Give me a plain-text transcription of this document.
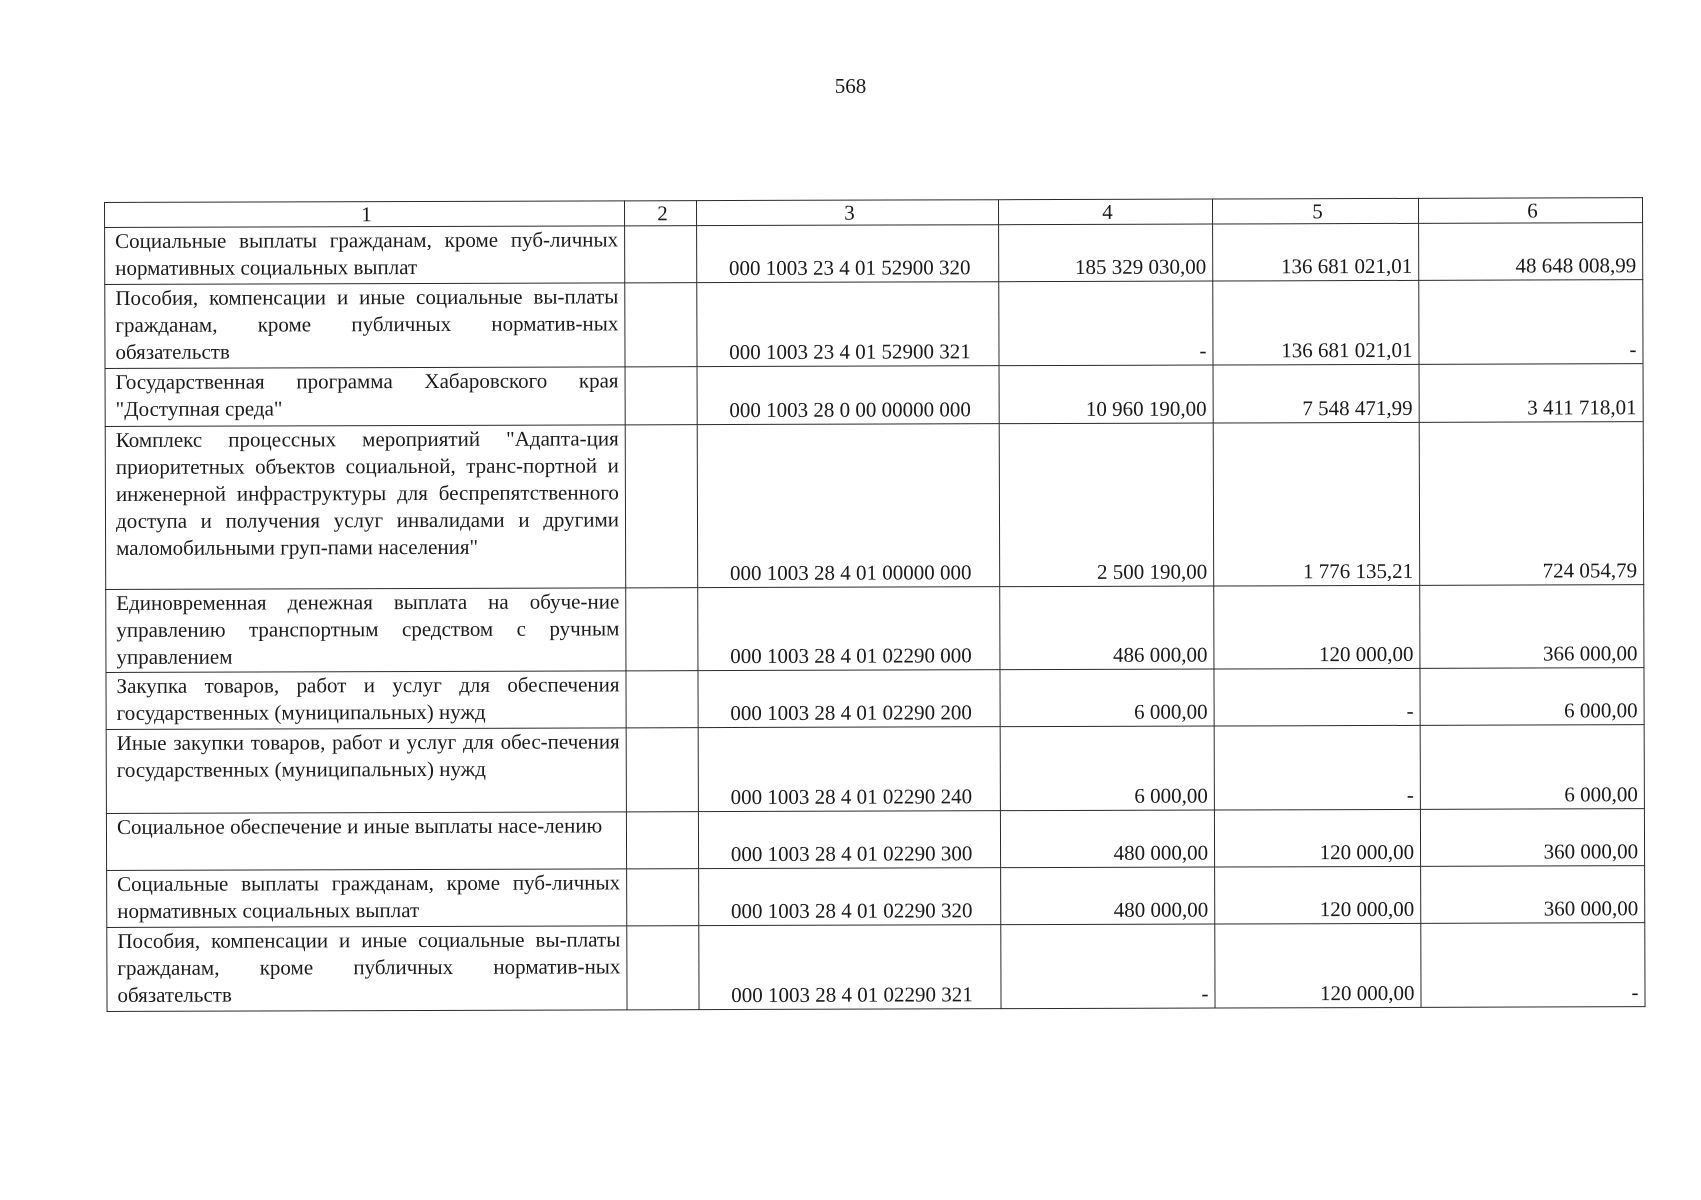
568
1	2	3	4	5	6
Социальные выплаты гражданам, кроме пуб-личных нормативных социальных выплат		000 1003 23 4 01 52900 320	185 329 030,00	136 681 021,01	48 648 008,99
Пособия, компенсации и иные социальные вы-платы гражданам, кроме публичных норматив-ных обязательств		000 1003 23 4 01 52900 321	-	136 681 021,01	-
Государственная программа Хабаровского края "Доступная среда"		000 1003 28 0 00 00000 000	10 960 190,00	7 548 471,99	3 411 718,01
Комплекс процессных мероприятий "Адапта-ция приоритетных объектов социальной, транс-портной и инженерной инфраструктуры для беспрепятственного доступа и получения услуг инвалидами и другими маломобильными груп-пами населения"		000 1003 28 4 01 00000 000	2 500 190,00	1 776 135,21	724 054,79
Единовременная денежная выплата на обуче-ние управлению транспортным средством с ручным управлением		000 1003 28 4 01 02290 000	486 000,00	120 000,00	366 000,00
Закупка товаров, работ и услуг для обеспечения государственных (муниципальных) нужд		000 1003 28 4 01 02290 200	6 000,00	-	6 000,00
Иные закупки товаров, работ и услуг для обес-печения государственных (муниципальных) нужд		000 1003 28 4 01 02290 240	6 000,00	-	6 000,00
Социальное обеспечение и иные выплаты насе-лению		000 1003 28 4 01 02290 300	480 000,00	120 000,00	360 000,00
Социальные выплаты гражданам, кроме пуб-личных нормативных социальных выплат		000 1003 28 4 01 02290 320	480 000,00	120 000,00	360 000,00
Пособия, компенсации и иные социальные вы-платы гражданам, кроме публичных норматив-ных обязательств		000 1003 28 4 01 02290 321	-	120 000,00	-
